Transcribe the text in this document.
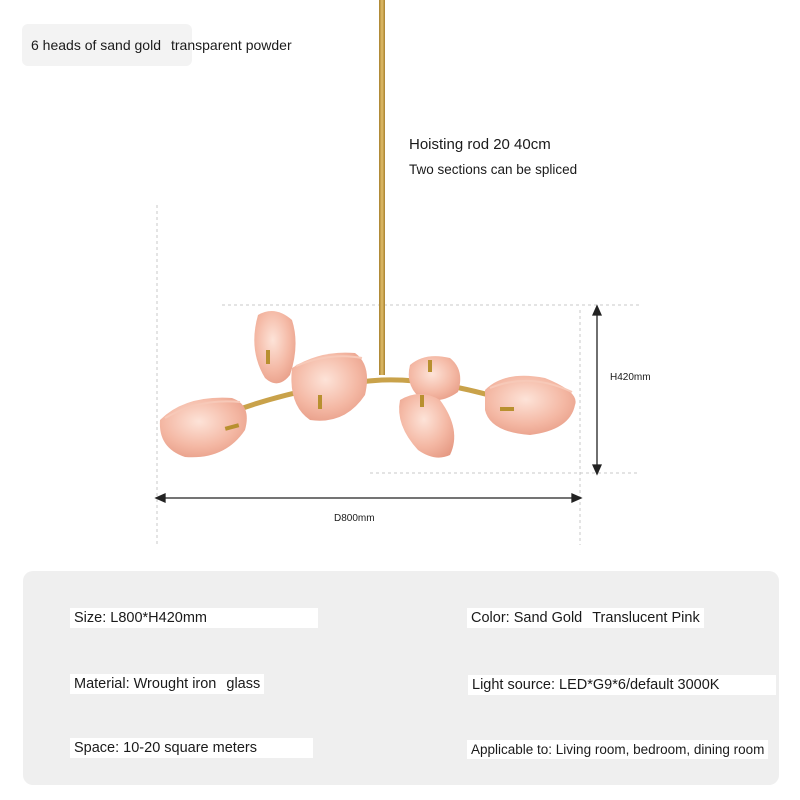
6 heads of sand gold transparent powder
Hoisting rod 20 40cm
Two sections can be spliced
H420mm
D800mm
Size: L800*H420mm	Color: Sand Gold Translucent Pink
Material: Wrought iron glass	Light source: LED*G9*6/default 3000K
Space: 10-20 square meters	Applicable to: Living room, bedroom, dining room
